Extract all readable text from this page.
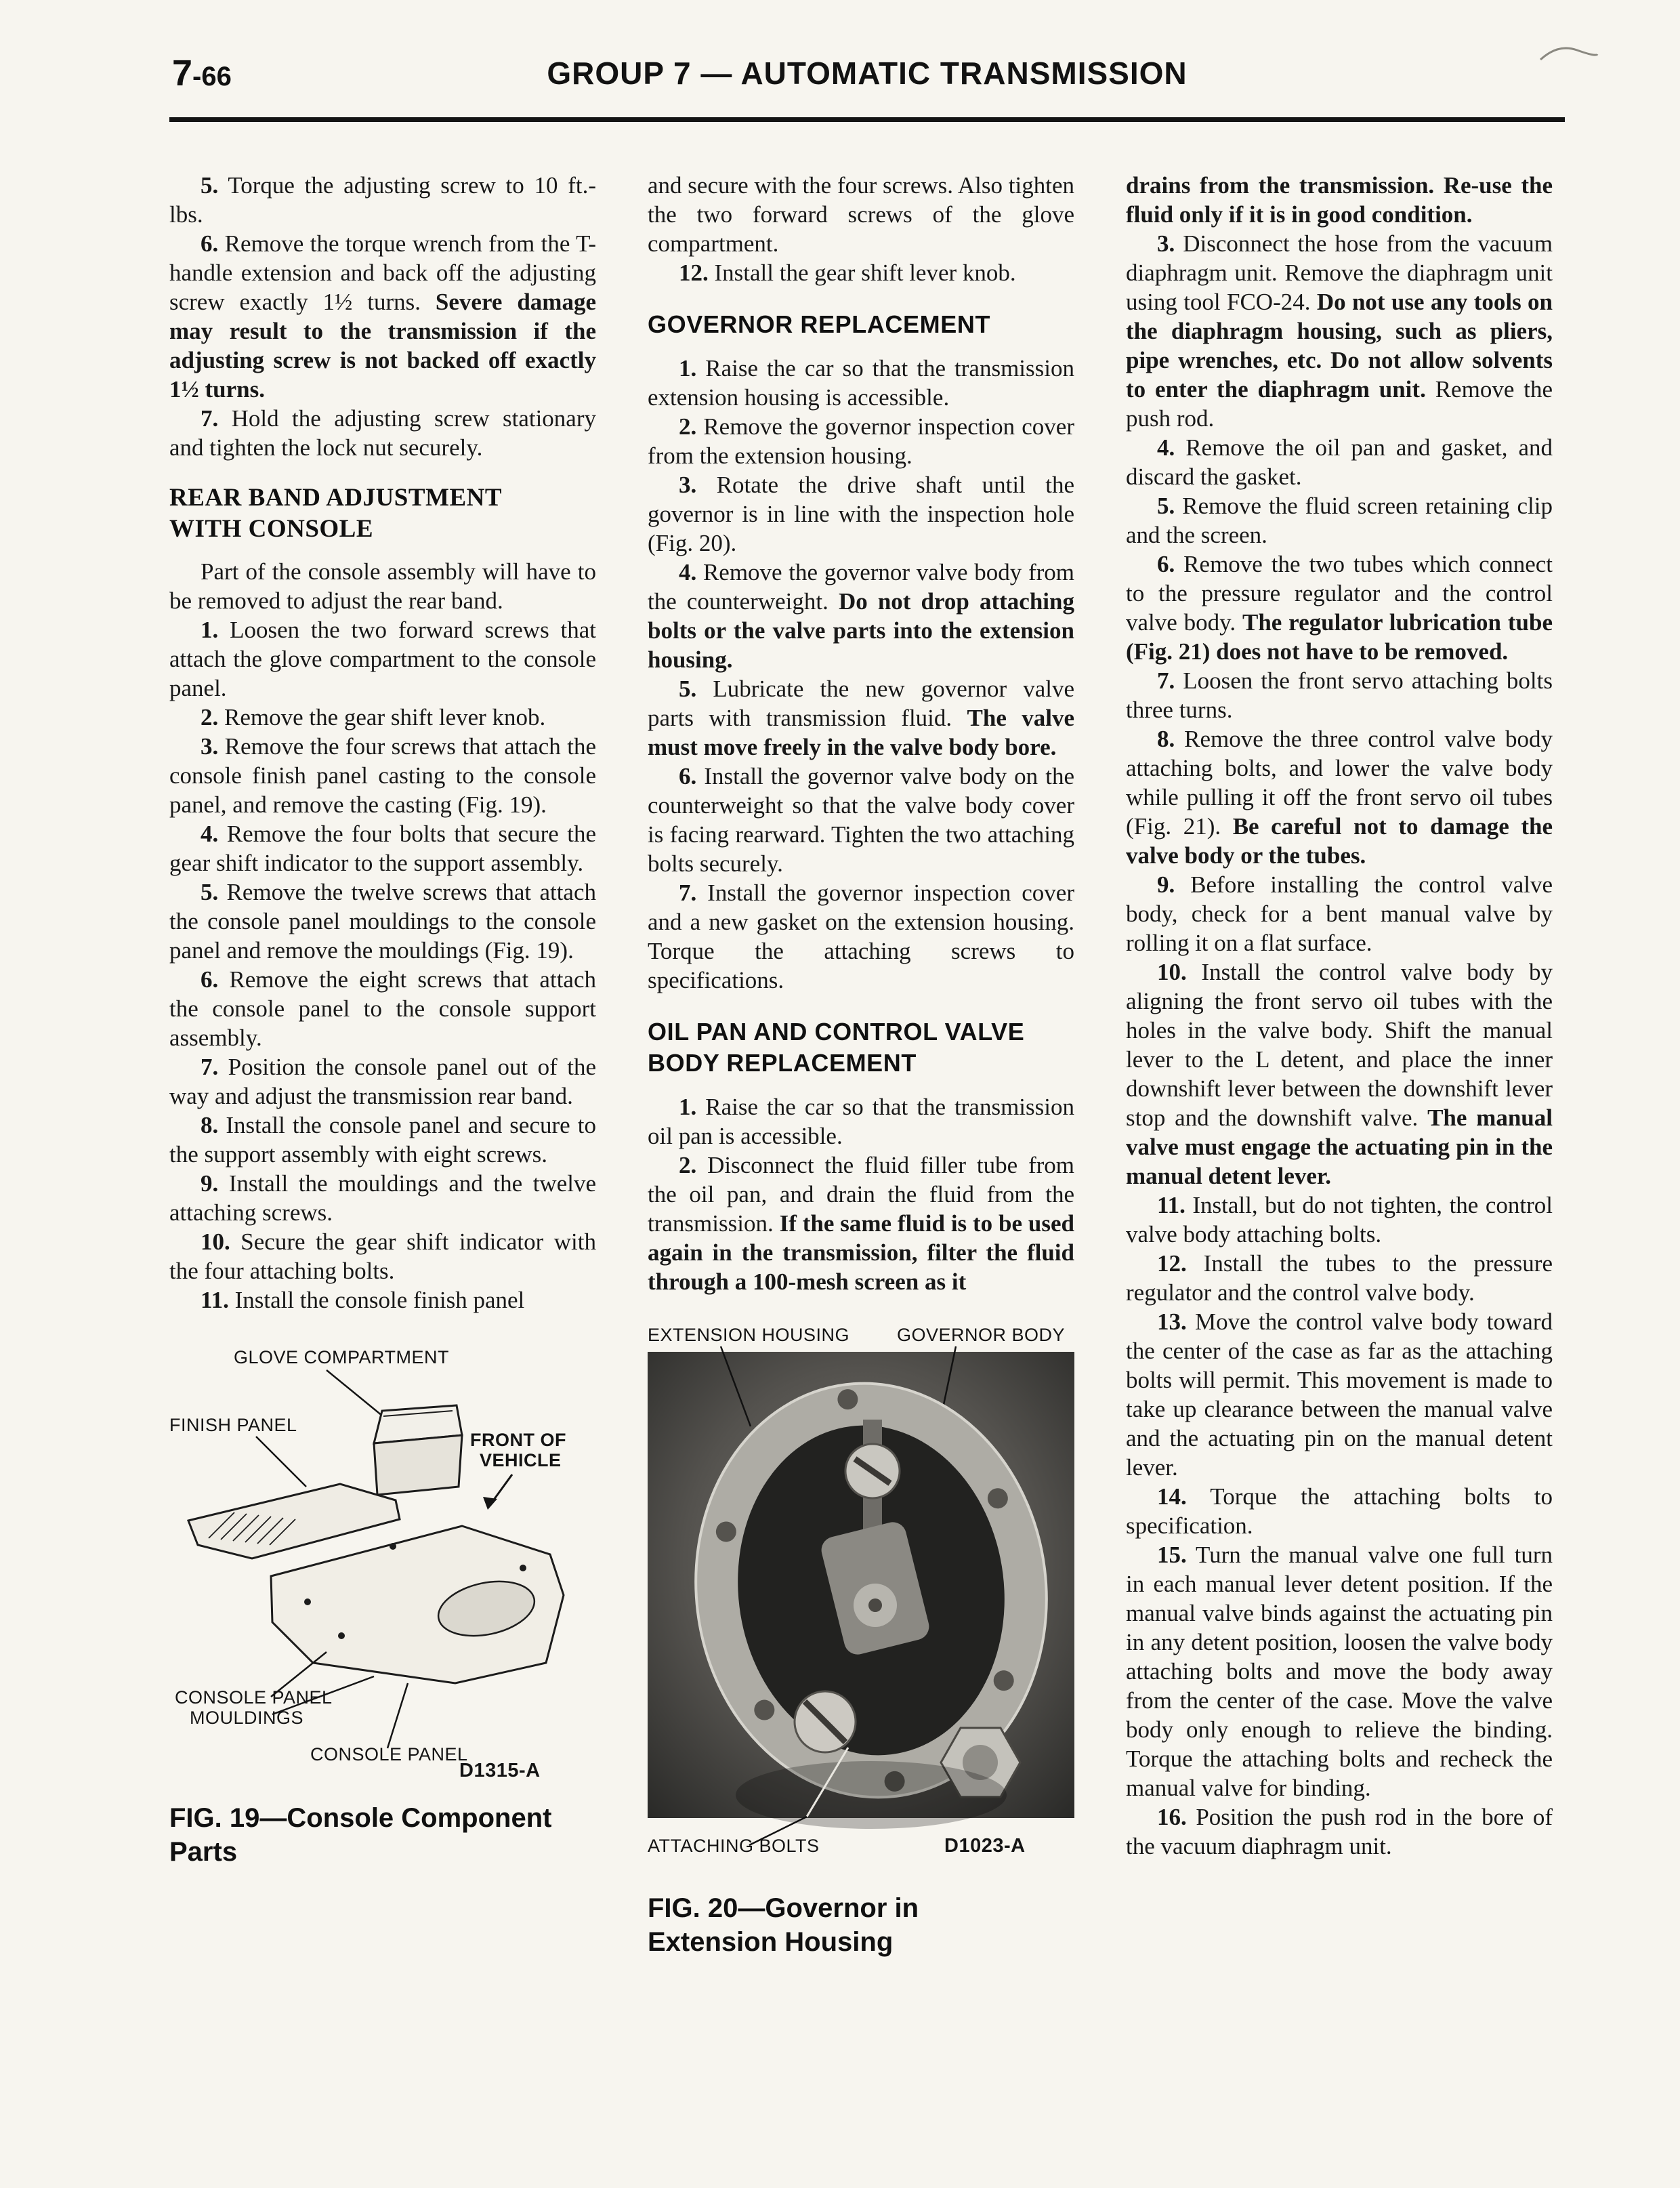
7-66	GROUP 7 — AUTOMATIC TRANSMISSION

5. Torque the adjusting screw to 10 ft.-lbs.

6. Remove the torque wrench from the T-handle extension and back off the adjusting screw exactly 1½ turns. Severe damage may result to the transmission if the adjusting screw is not backed off exactly 1½ turns.

7. Hold the adjusting screw stationary and tighten the lock nut securely.

REAR BAND ADJUSTMENT WITH CONSOLE

Part of the console assembly will have to be removed to adjust the rear band.

1. Loosen the two forward screws that attach the glove compartment to the console panel.

2. Remove the gear shift lever knob.

3. Remove the four screws that attach the console finish panel casting to the console panel, and remove the casting (Fig. 19).

4. Remove the four bolts that secure the gear shift indicator to the support assembly.

5. Remove the twelve screws that attach the console panel mouldings to the console panel and remove the mouldings (Fig. 19).

6. Remove the eight screws that attach the console panel to the console support assembly.

7. Position the console panel out of the way and adjust the transmission rear band.

8. Install the console panel and secure to the support assembly with eight screws.

9. Install the mouldings and the twelve attaching screws.

10. Secure the gear shift indicator with the four attaching bolts.

11. Install the console finish panel

GLOVE COMPARTMENT
FINISH PANEL
FRONT OF
VEHICLE
CONSOLE PANEL
MOULDINGS
CONSOLE PANEL
D1315-A
FIG. 19—Console Component Parts

and secure with the four screws. Also tighten the two forward screws of the glove compartment.

12. Install the gear shift lever knob.

GOVERNOR REPLACEMENT

1. Raise the car so that the transmission extension housing is accessible.

2. Remove the governor inspection cover from the extension housing.

3. Rotate the drive shaft until the governor is in line with the inspection hole (Fig. 20).

4. Remove the governor valve body from the counterweight. Do not drop attaching bolts or the valve parts into the extension housing.

5. Lubricate the new governor valve parts with transmission fluid. The valve must move freely in the valve body bore.

6. Install the governor valve body on the counterweight so that the valve body cover is facing rearward. Tighten the two attaching bolts securely.

7. Install the governor inspection cover and a new gasket on the extension housing. Torque the attaching screws to specifications.

OIL PAN AND CONTROL VALVE BODY REPLACEMENT

1. Raise the car so that the transmission oil pan is accessible.

2. Disconnect the fluid filler tube from the oil pan, and drain the fluid from the transmission. If the same fluid is to be used again in the transmission, filter the fluid through a 100-mesh screen as it

EXTENSION HOUSING	GOVERNOR BODY
ATTACHING BOLTS	D1023-A
FIG. 20—Governor in Extension Housing

drains from the transmission. Re-use the fluid only if it is in good condition.

3. Disconnect the hose from the vacuum diaphragm unit. Remove the diaphragm unit using tool FCO-24. Do not use any tools on the diaphragm housing, such as pliers, pipe wrenches, etc. Do not allow solvents to enter the diaphragm unit. Remove the push rod.

4. Remove the oil pan and gasket, and discard the gasket.

5. Remove the fluid screen retaining clip and the screen.

6. Remove the two tubes which connect to the pressure regulator and the control valve body. The regulator lubrication tube (Fig. 21) does not have to be removed.

7. Loosen the front servo attaching bolts three turns.

8. Remove the three control valve body attaching bolts, and lower the valve body while pulling it off the front servo oil tubes (Fig. 21). Be careful not to damage the valve body or the tubes.

9. Before installing the control valve body, check for a bent manual valve by rolling it on a flat surface.

10. Install the control valve body by aligning the front servo oil tubes with the holes in the valve body. Shift the manual lever to the L detent, and place the inner downshift lever between the downshift lever stop and the downshift valve. The manual valve must engage the actuating pin in the manual detent lever.

11. Install, but do not tighten, the control valve body attaching bolts.

12. Install the tubes to the pressure regulator and the control valve body.

13. Move the control valve body toward the center of the case as far as the attaching bolts will permit. This movement is made to take up clearance between the manual valve and the actuating pin on the manual detent lever.

14. Torque the attaching bolts to specification.

15. Turn the manual valve one full turn in each manual lever detent position. If the manual valve binds against the actuating pin in any detent position, loosen the valve body attaching bolts and move the body away from the center of the case. Move the valve body only enough to relieve the binding. Torque the attaching bolts and recheck the manual valve for binding.

16. Position the push rod in the bore of the vacuum diaphragm unit.
